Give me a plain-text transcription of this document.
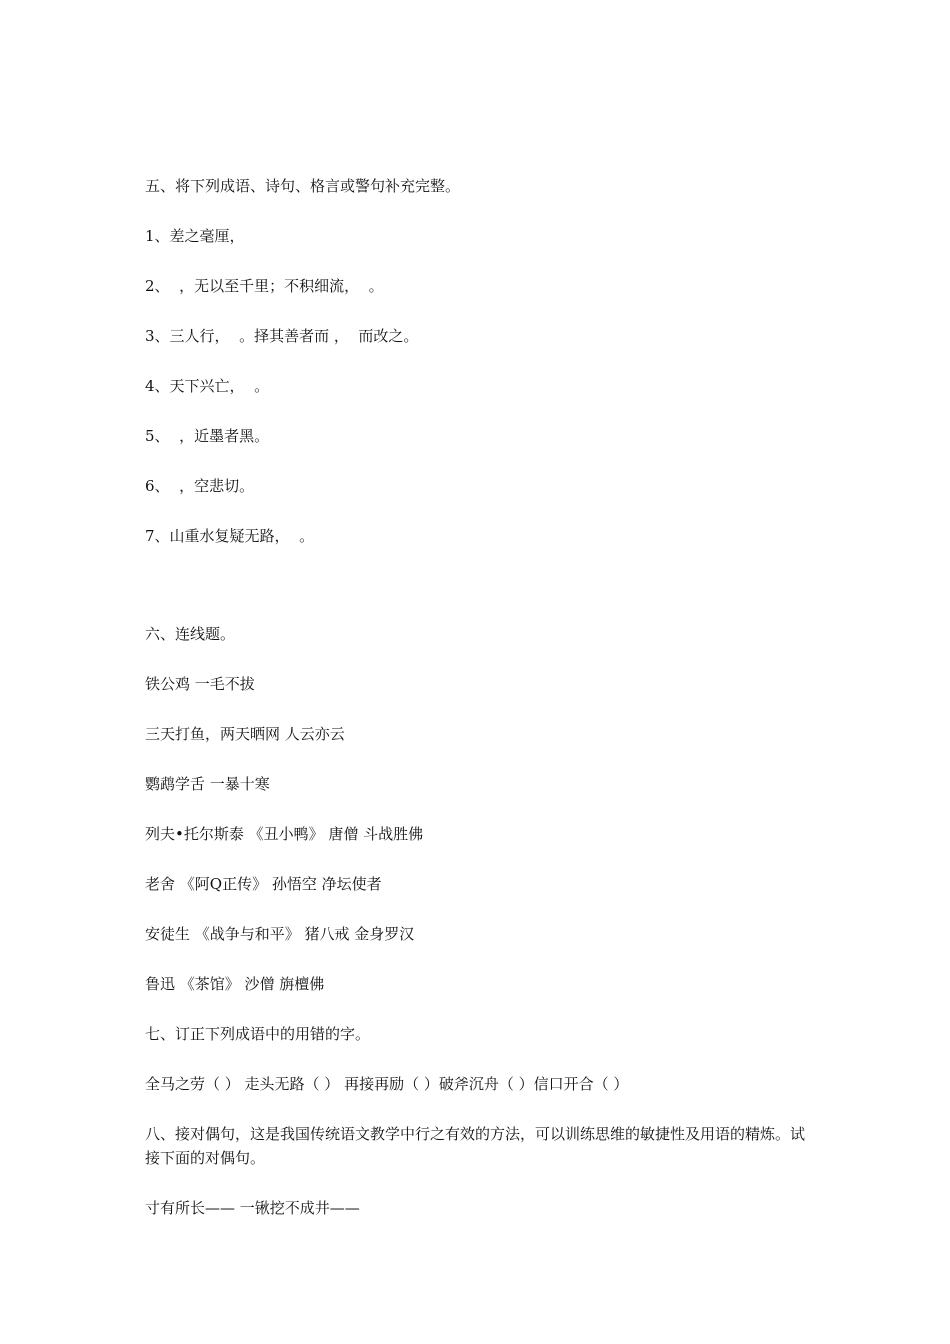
五、将下列成语、诗句、格言或警句补充完整。

1、差之毫厘，

2、  ，无以至千里；不积细流，  。

3、三人行，  。择其善者而 ，  而改之。

4、天下兴亡，  。

5、  ，近墨者黑。

6、  ，空悲切。

7、山重水复疑无路，  。

六、连线题。

铁公鸡 一毛不拔

三天打鱼，两天晒网 人云亦云

鹦鹉学舌 一暴十寒

列夫•托尔斯泰 《丑小鸭》 唐僧 斗战胜佛

老舍 《阿Q正传》 孙悟空 净坛使者

安徒生 《战争与和平》 猪八戒 金身罗汉

鲁迅 《茶馆》 沙僧 旃檀佛

七、订正下列成语中的用错的字。

全马之劳（ ） 走头无路（ ） 再接再励（ ）破斧沉舟（ ）信口开合（ ）

八、接对偶句，这是我国传统语文教学中行之有效的方法，可以训练思维的敏捷性及用语的精炼。试接下面的对偶句。

寸有所长—— 一锹挖不成井——
